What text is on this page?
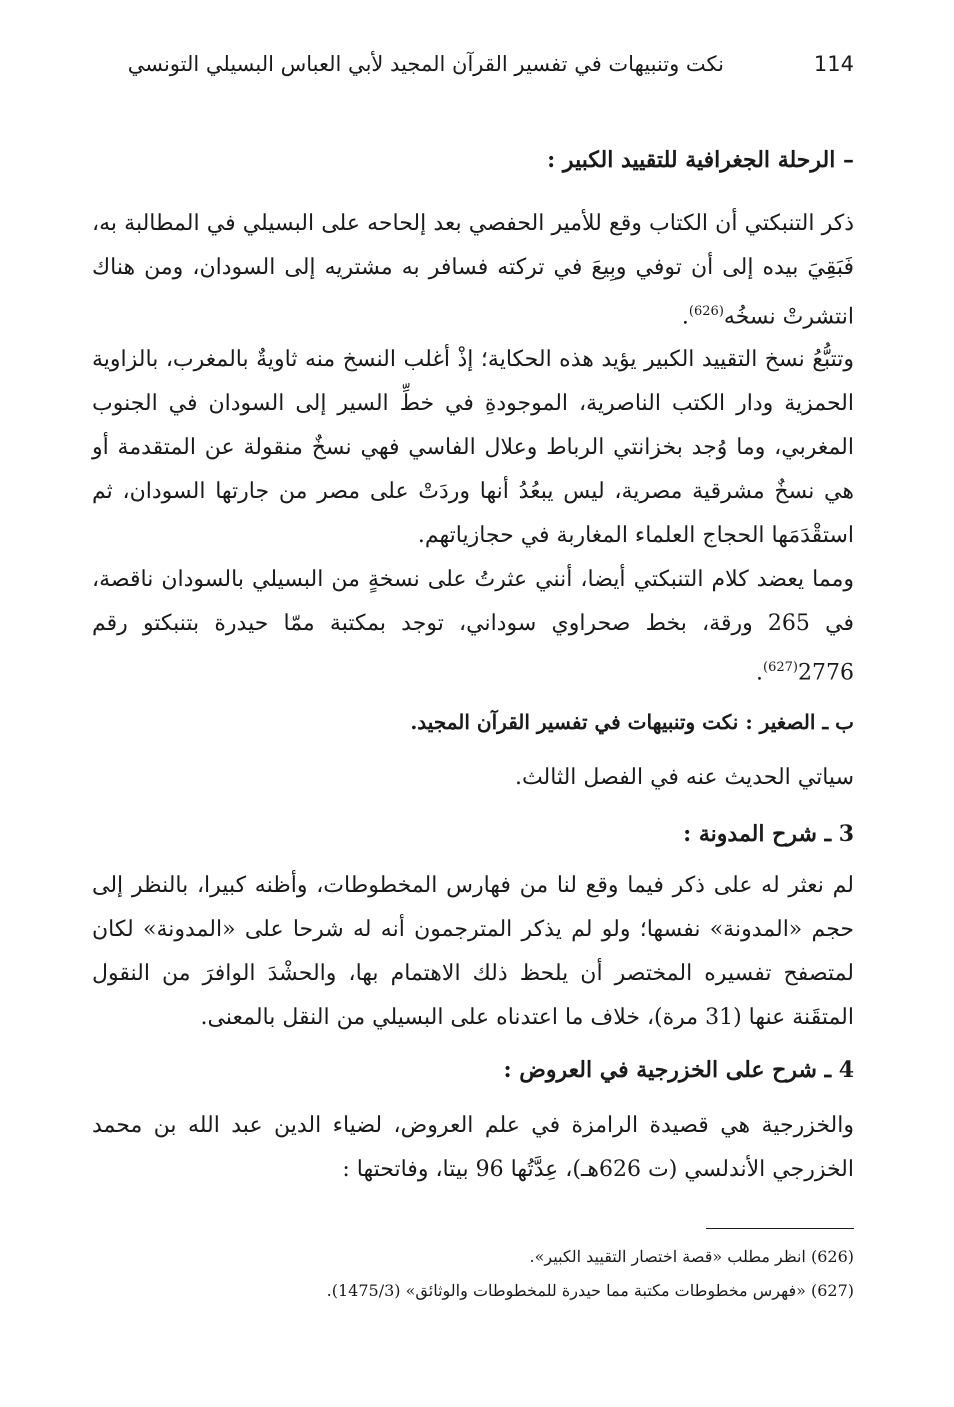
نكت وتنبيهات في تفسير القرآن المجيد لأبي العباس البسيلي التونسي	114

– الرحلة الجغرافية للتقييد الكبير :

ذكر التنبكتي أن الكتاب وقع للأمير الحفصي بعد إلحاحه على البسيلي في المطالبة به، فَبَقِيَ بيده إلى أن توفي وبِيعَ في تركته فسافر به مشتريه إلى السودان، ومن هناك انتشرتْ نسخُه$^{(626)}$.

وتتبُّعُ نسخ التقييد الكبير يؤيد هذه الحكاية؛ إذْ أغلب النسخ منه ثاويةٌ بالمغرب، بالزاوية الحمزية ودار الكتب الناصرية، الموجودةِ في خطِّ السير إلى السودان في الجنوب المغربي، وما وُجد بخزانتي الرباط وعلال الفاسي فهي نسخٌ منقولة عن المتقدمة أو هي نسخٌ مشرقية مصرية، ليس يبعُدُ أنها وردَتْ على مصر من جارتها السودان، ثم استقْدَمَها الحجاج العلماء المغاربة في حجازياتهم.

ومما يعضد كلام التنبكتي أيضا، أنني عثرتُ على نسخةٍ من البسيلي بالسودان ناقصة، في 265 ورقة، بخط صحراوي سوداني، توجد بمكتبة ممّا حيدرة بتنبكتو رقم 2776$^{(627)}$.

ب ـ الصغير : نكت وتنبيهات في تفسير القرآن المجيد.

سياتي الحديث عنه في الفصل الثالث.

3 ـ شرح المدونة :

لم نعثر له على ذكر فيما وقع لنا من فهارس المخطوطات، وأظنه كبيرا، بالنظر إلى حجم «المدونة» نفسها؛ ولو لم يذكر المترجمون أنه له شرحا على «المدونة» لكان لمتصفح تفسيره المختصر أن يلحظ ذلك الاهتمام بها، والحشْدَ الوافرَ من النقول المتقَنة عنها (31 مرة)، خلاف ما اعتدناه على البسيلي من النقل بالمعنى.

4 ـ شرح على الخزرجية في العروض :

والخزرجية هي قصيدة الرامزة في علم العروض، لضياء الدين عبد الله بن محمد الخزرجي الأندلسي (ت 626هـ)، عِدَّتُها 96 بيتا، وفاتحتها :

(626) انظر مطلب «قصة اختصار التقييد الكبير».

(627) «فهرس مخطوطات مكتبة مما حيدرة للمخطوطات والوثائق» (1475/3).
